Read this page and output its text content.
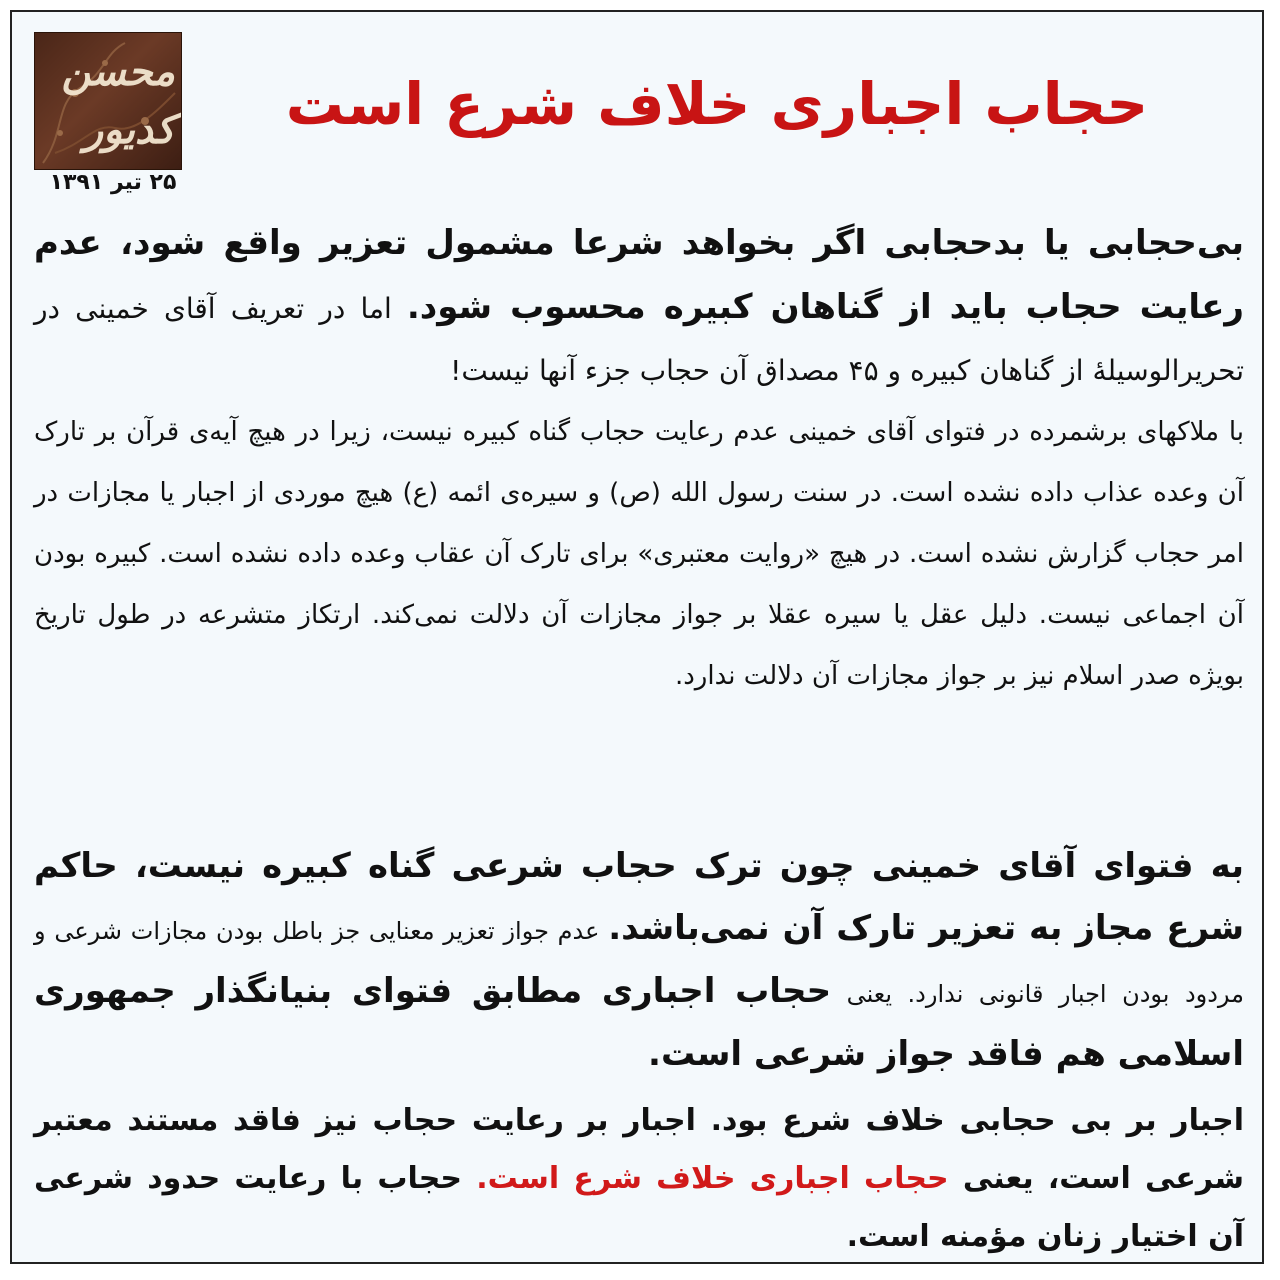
محسن
کدیور
۲۵ تیر ۱۳۹۱
حجاب اجباری خلاف شرع است
بی‌حجابی یا بدحجابی اگر بخواهد شرعا مشمول تعزیر واقع شود، عدم رعایت حجاب باید از گناهان کبیره محسوب شود. اما در تعریف آقای خمینی در تحریرالوسیلهٔ از گناهان کبیره و ۴۵ مصداق آن حجاب جزء آنها نیست!
با ملاکهای برشمرده در فتوای آقای خمینی عدم رعایت حجاب گناه کبیره نیست، زیرا در هیچ آیه‌ی قرآن بر تارک آن وعده عذاب داده نشده است. در سنت رسول الله (ص) و سیره‌ی ائمه (ع) هیچ موردی از اجبار یا مجازات در امر حجاب گزارش نشده است. در هیچ «روایت معتبری» برای تارک آن عقاب وعده داده نشده است. کبیره بودن آن اجماعی نیست. دلیل عقل یا سیره عقلا بر جواز مجازات آن دلالت نمی‌کند. ارتکاز متشرعه در طول تاریخ بویژه صدر اسلام نیز بر جواز مجازات آن دلالت ندارد.
به فتوای آقای خمینی چون ترک حجاب شرعی گناه کبیره نیست، حاکم شرع مجاز به تعزیر تارک آن نمی‌باشد. عدم جواز تعزیر معنایی جز باطل بودن مجازات شرعی و مردود بودن اجبار قانونی ندارد. یعنی حجاب اجباری مطابق فتوای بنیانگذار جمهوری اسلامی هم فاقد جواز شرعی است.
اجبار بر بی حجابی خلاف شرع بود. اجبار بر رعایت حجاب نیز فاقد مستند معتبر شرعی است، یعنی حجاب اجباری خلاف شرع است. حجاب با رعایت حدود شرعی آن اختیار زنان مؤمنه است.
